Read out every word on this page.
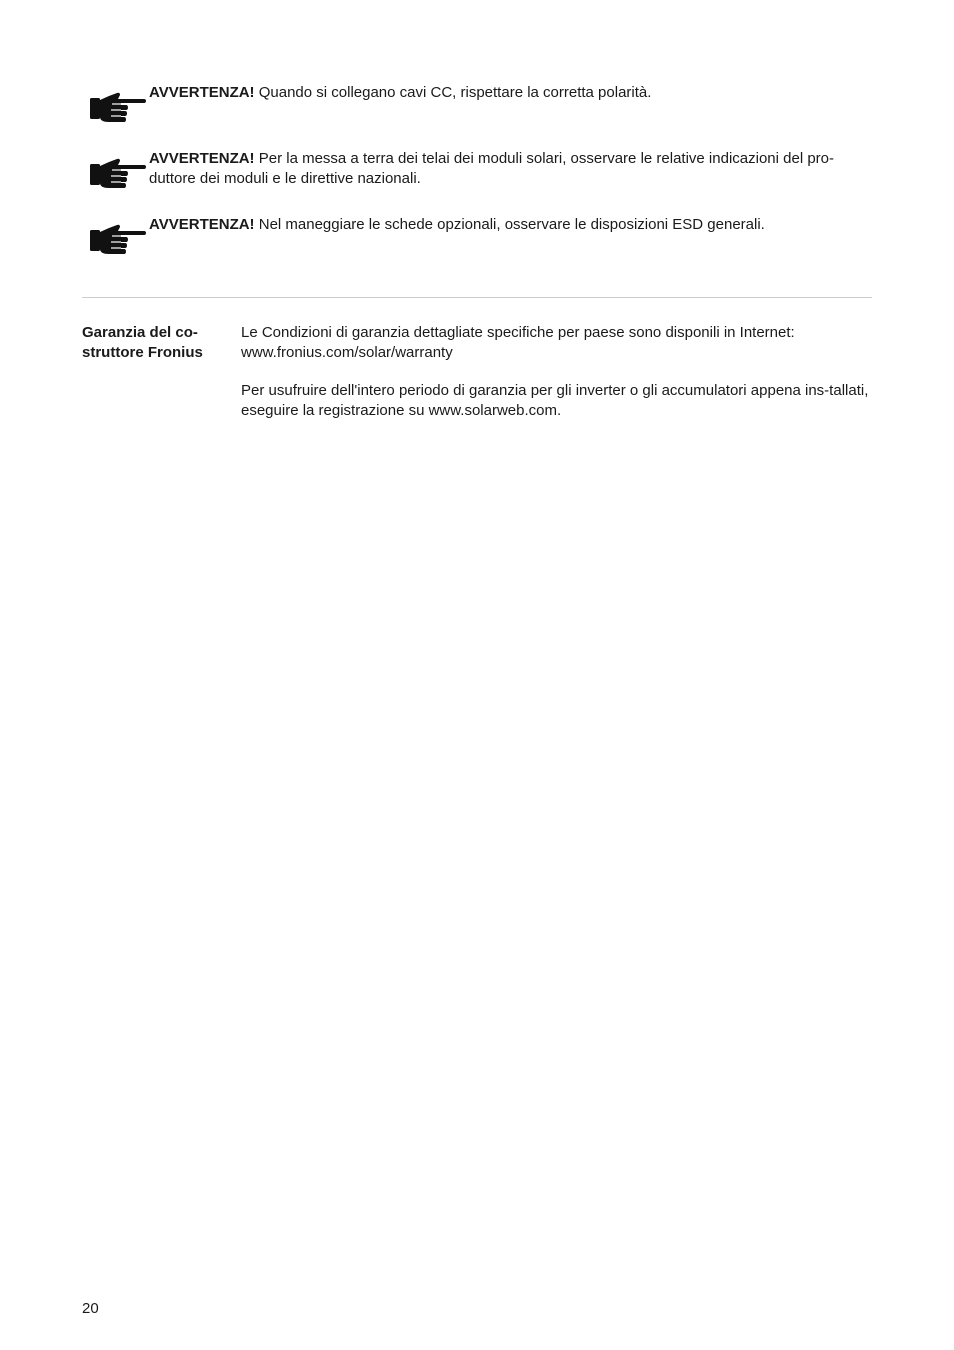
AVVERTENZA! Quando si collegano cavi CC, rispettare la corretta polarità.
AVVERTENZA! Per la messa a terra dei telai dei moduli solari, osservare le relative indicazioni del pro-duttore dei moduli e le direttive nazionali.
AVVERTENZA! Nel maneggiare le schede opzionali, osservare le disposizioni ESD generali.
Garanzia del co-struttore Fronius

Le Condizioni di garanzia dettagliate specifiche per paese sono disponili in Internet: www.fronius.com/solar/warranty

Per usufruire dell'intero periodo di garanzia per gli inverter o gli accumulatori appena ins-tallati, eseguire la registrazione su www.solarweb.com.

20
